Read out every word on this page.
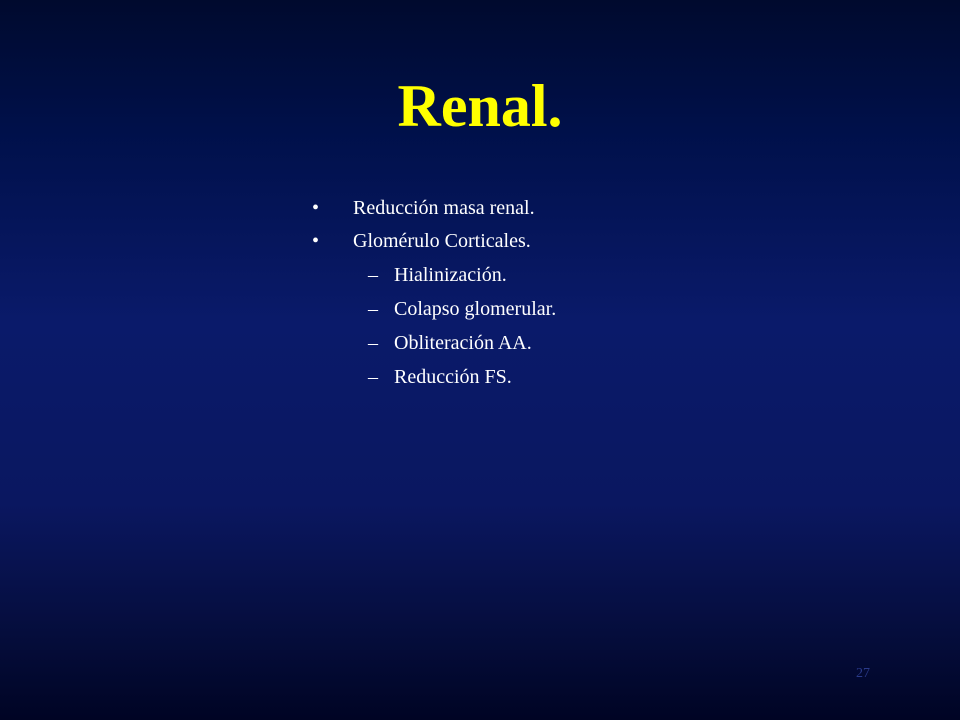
Renal.
• Reducción masa renal.
• Glomérulo Corticales.
– Hialinización.
– Colapso glomerular.
– Obliteración AA.
– Reducción FS.
27
